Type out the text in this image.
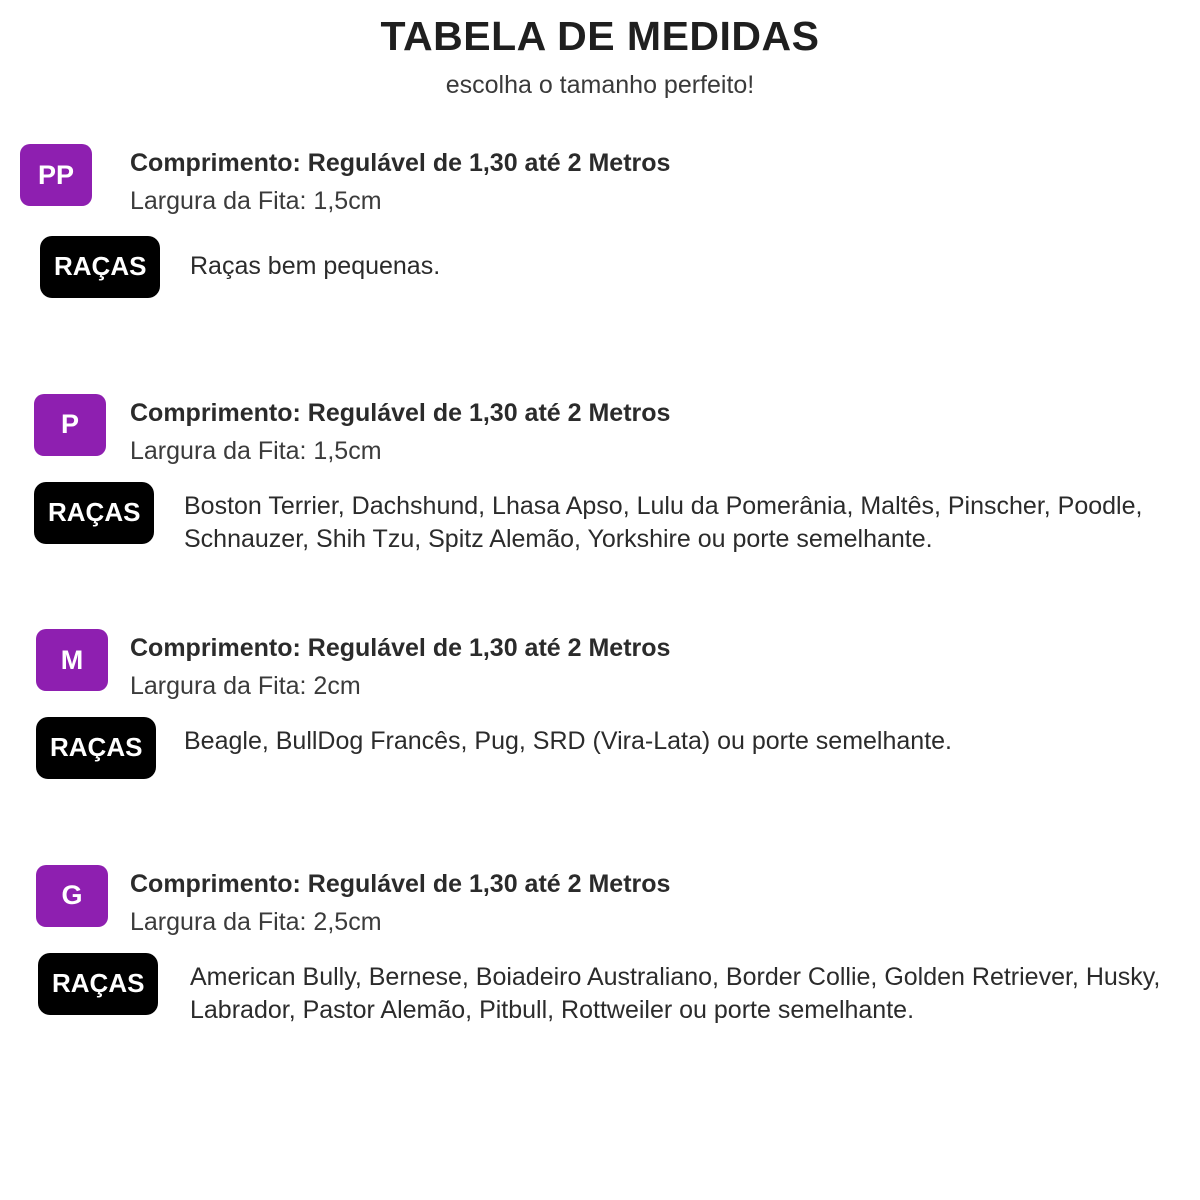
TABELA DE MEDIDAS

escolha o tamanho perfeito!

PP	Comprimento: Regulável de 1,30 até 2 Metros

Largura da Fita: 1,5cm

RAÇAS	Raças bem pequenas.

P	Comprimento: Regulável de 1,30 até 2 Metros

Largura da Fita: 1,5cm

RAÇAS	Boston Terrier, Dachshund, Lhasa Apso, Lulu da Pomerânia, Maltês, Pinscher, Poodle, Schnauzer, Shih Tzu, Spitz Alemão, Yorkshire ou porte semelhante.

M	Comprimento: Regulável de 1,30 até 2 Metros

Largura da Fita: 2cm

RAÇAS	Beagle, BullDog Francês, Pug, SRD (Vira-Lata) ou porte semelhante.

G	Comprimento: Regulável de 1,30 até 2 Metros

Largura da Fita: 2,5cm

RAÇAS	American Bully, Bernese, Boiadeiro Australiano, Border Collie, Golden Retriever, Husky, Labrador, Pastor Alemão, Pitbull, Rottweiler ou porte semelhante.
